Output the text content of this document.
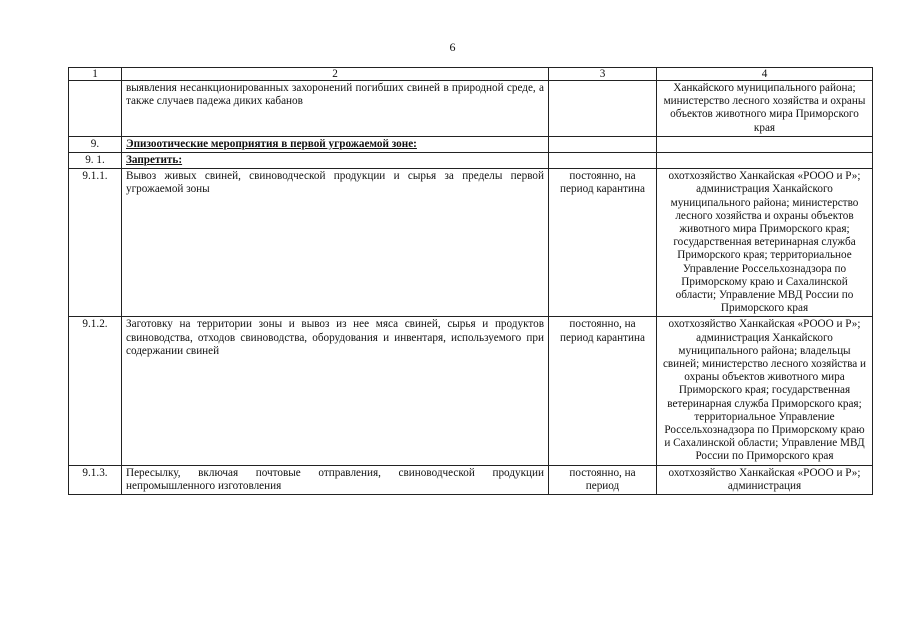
6
1	2	3	4
	выявления несанкционированных захоронений погибших свиней в природной среде, а также случаев падежа диких кабанов		Ханкайского муниципального района; министерство лесного хозяйства и охраны объектов животного мира Приморского края
9.	Эпизоотические мероприятия в первой угрожаемой зоне:		
9. 1.	Запретить:		
9.1.1.	Вывоз живых свиней, свиноводческой продукции и сырья за пределы первой угрожаемой зоны	постоянно, на период карантина	охотхозяйство Ханкайская «РООО и Р»; администрация Ханкайского муниципального района; министерство лесного хозяйства и охраны объектов животного мира Приморского края; государственная ветеринарная служба Приморского края; территориальное Управление Россельхознадзора по Приморскому краю и Сахалинской области; Управление МВД России по Приморского края
9.1.2.	Заготовку на территории зоны и вывоз из нее мяса свиней, сырья и продуктов свиноводства, отходов свиноводства, оборудования и инвентаря, используемого при содержании свиней	постоянно, на период карантина	охотхозяйство Ханкайская «РООО и Р»; администрация Ханкайского муниципального района; владельцы свиней; министерство лесного хозяйства и охраны объектов животного мира Приморского края; государственная ветеринарная служба Приморского края; территориальное Управление Россельхознадзора по Приморскому краю и Сахалинской области; Управление МВД России по Приморского края
9.1.3.	Пересылку, включая почтовые отправления, свиноводческой продукции непромышленного изготовления	постоянно, на период	охотхозяйство Ханкайская «РООО и Р»; администрация
